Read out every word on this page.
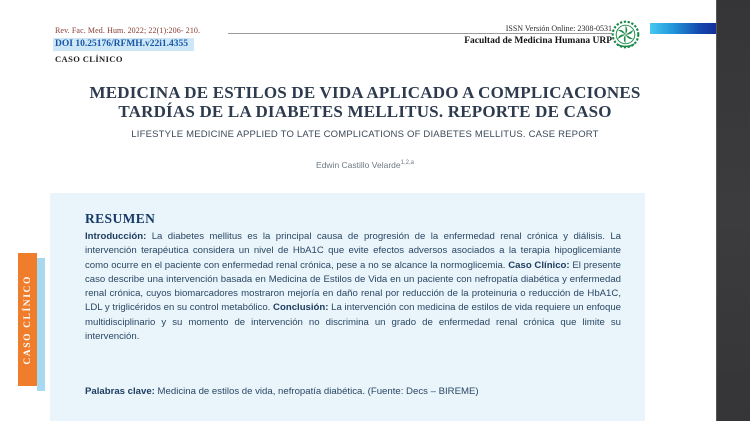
Rev. Fac. Med. Hum. 2022; 22(1):206- 210.
DOI 10.25176/RFMH.v22i1.4355
CASO CLÍNICO
ISSN Versión Online: 2308-0531
Facultad de Medicina Humana URP
MEDICINA DE ESTILOS DE VIDA APLICADO A COMPLICACIONES
TARDÍAS DE LA DIABETES MELLITUS. REPORTE DE CASO
LIFESTYLE MEDICINE APPLIED TO LATE COMPLICATIONS OF DIABETES MELLITUS. CASE REPORT
Edwin Castillo Velarde$^{1,2,a}$
RESUMEN

Introducción: La diabetes mellitus es la principal causa de progresión de la enfermedad renal crónica y diálisis. La intervención terapéutica considera un nivel de HbA1C que evite efectos adversos asociados a la terapia hipoglicemiante como ocurre en el paciente con enfermedad renal crónica, pese a no se alcance la normoglicemia. Caso Clínico: El presente caso describe una intervención basada en Medicina de Estilos de Vida en un paciente con nefropatía diabética y enfermedad renal crónica, cuyos biomarcadores mostraron mejoría en daño renal por reducción de la proteinuria o reducción de HbA1C, LDL y triglicéridos en su control metabólico. Conclusión: La intervención con medicina de estilos de vida requiere un enfoque multidisciplinario y su momento de intervención no discrimina un grado de enfermedad renal crónica que limite su intervención.

Palabras clave: Medicina de estilos de vida, nefropatía diabética. (Fuente: Decs – BIREME)

CASO CLÍNICO
